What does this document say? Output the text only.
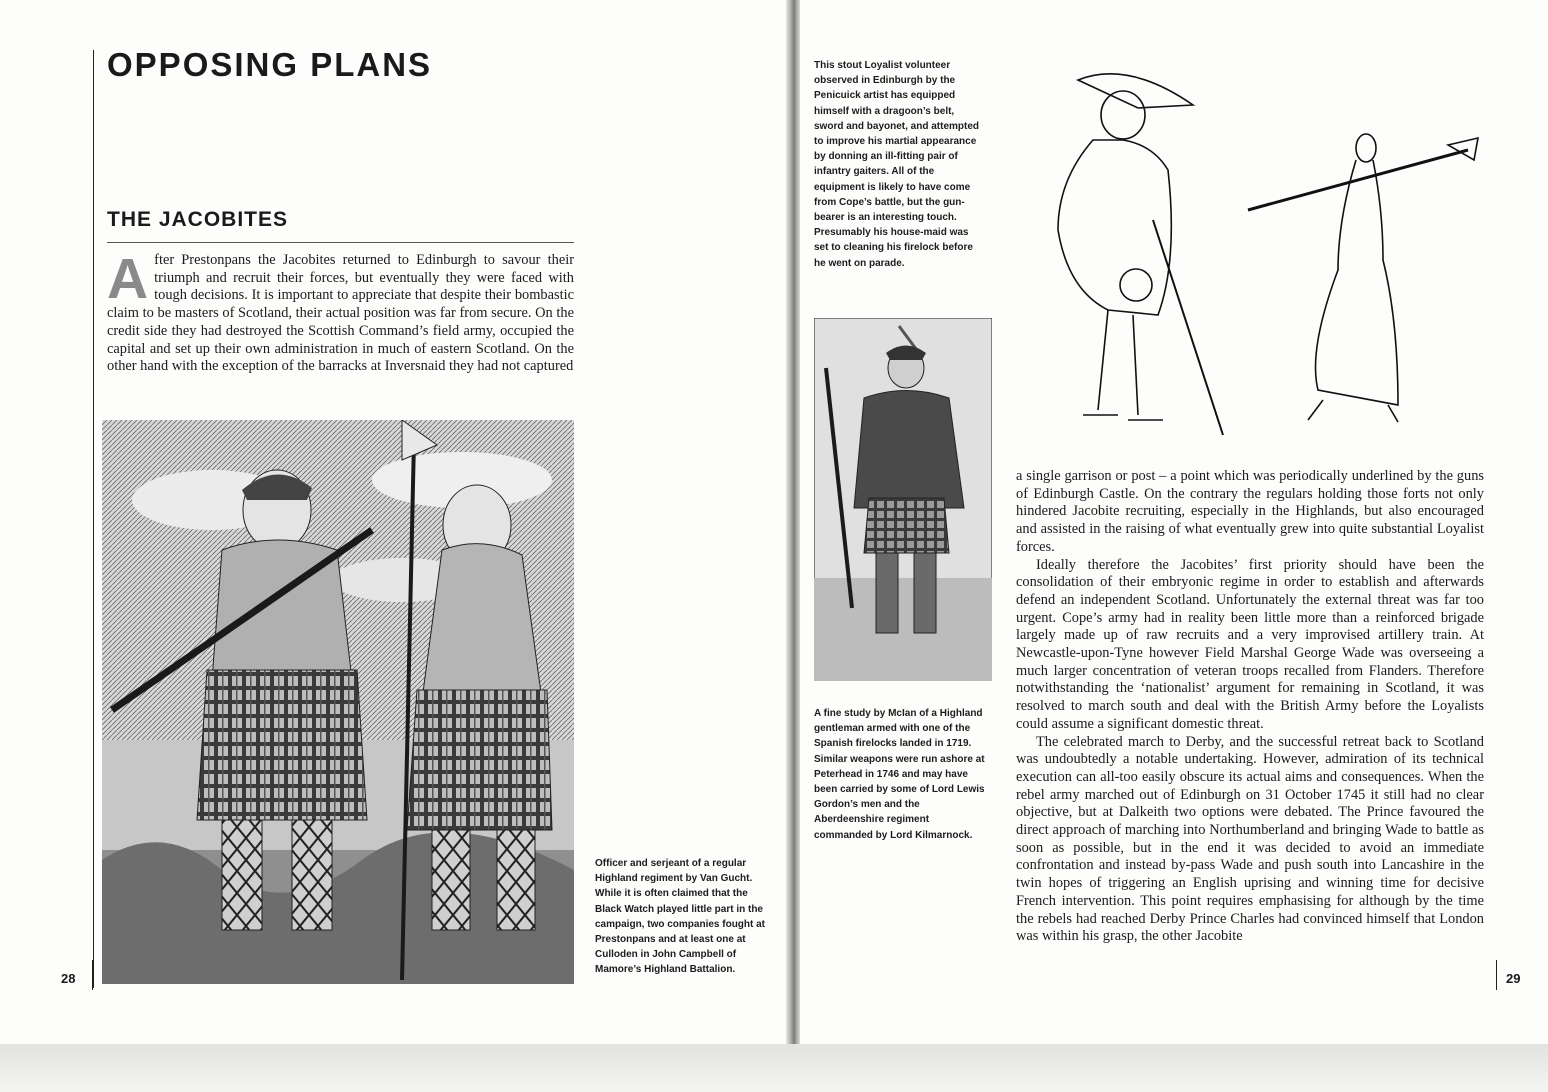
OPPOSING PLANS
THE JACOBITES
After Prestonpans the Jacobites returned to Edinburgh to savour their triumph and recruit their forces, but eventually they were faced with tough decisions. It is important to appreciate that despite their bombastic claim to be masters of Scotland, their actual position was far from secure. On the credit side they had destroyed the Scottish Command’s field army, occupied the capital and set up their own administration in much of eastern Scotland. On the other hand with the exception of the barracks at Inversnaid they had not captured

Officer and serjeant of a regular Highland regiment by Van Gucht. While it is often claimed that the Black Watch played little part in the campaign, two companies fought at Prestonpans and at least one at Culloden in John Campbell of Mamore’s Highland Battalion.

28

This stout Loyalist volunteer observed in Edinburgh by the Penicuick artist has equipped himself with a dragoon’s belt, sword and bayonet, and attempted to improve his martial appearance by donning an ill-fitting pair of infantry gaiters. All of the equipment is likely to have come from Cope’s battle, but the gun-bearer is an interesting touch. Presumably his house-maid was set to cleaning his firelock before he went on parade.

A fine study by McIan of a Highland gentleman armed with one of the Spanish firelocks landed in 1719. Similar weapons were run ashore at Peterhead in 1746 and may have been carried by some of Lord Lewis Gordon’s men and the Aberdeenshire regiment commanded by Lord Kilmarnock.

a single garrison or post – a point which was periodically underlined by the guns of Edinburgh Castle. On the contrary the regulars holding those forts not only hindered Jacobite recruiting, especially in the Highlands, but also encouraged and assisted in the raising of what eventually grew into quite substantial Loyalist forces.

Ideally therefore the Jacobites’ first priority should have been the consolidation of their embryonic regime in order to establish and afterwards defend an independent Scotland. Unfortunately the external threat was far too urgent. Cope’s army had in reality been little more than a reinforced brigade largely made up of raw recruits and a very improvised artillery train. At Newcastle-upon-Tyne however Field Marshal George Wade was overseeing a much larger concentration of veteran troops recalled from Flanders. Therefore notwithstanding the ‘nationalist’ argument for remaining in Scotland, it was resolved to march south and deal with the British Army before the Loyalists could assume a significant domestic threat.

The celebrated march to Derby, and the successful retreat back to Scotland was undoubtedly a notable undertaking. However, admiration of its technical execution can all-too easily obscure its actual aims and consequences. When the rebel army marched out of Edinburgh on 31 October 1745 it still had no clear objective, but at Dalkeith two options were debated. The Prince favoured the direct approach of marching into Northumberland and bringing Wade to battle as soon as possible, but in the end it was decided to avoid an immediate confrontation and instead by-pass Wade and push south into Lancashire in the twin hopes of triggering an English uprising and winning time for decisive French intervention. This point requires emphasising for although by the time the rebels had reached Derby Prince Charles had convinced himself that London was within his grasp, the other Jacobite

29
